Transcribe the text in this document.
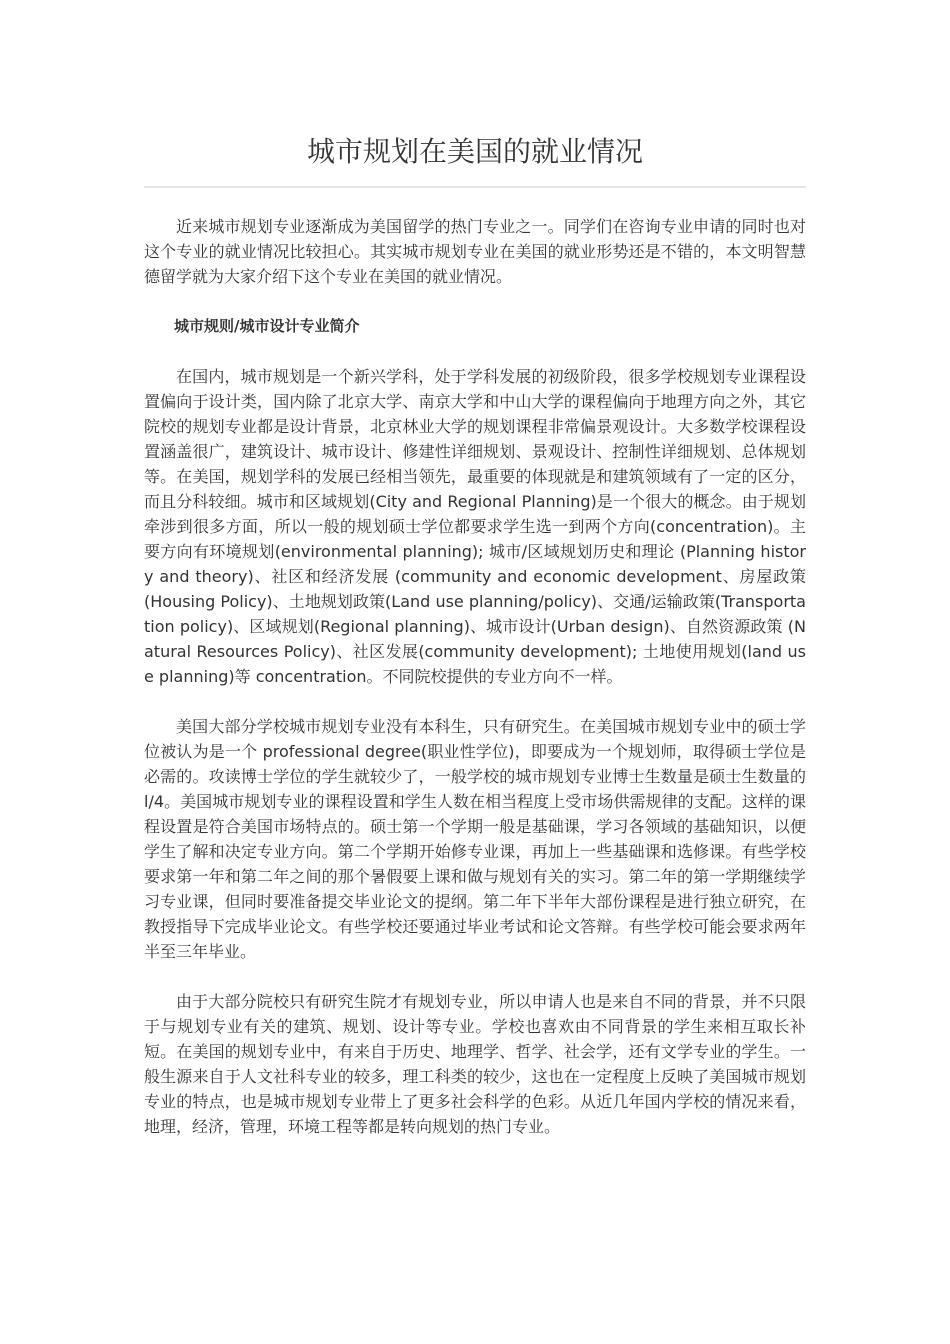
城市规划在美国的就业情况

近来城市规划专业逐渐成为美国留学的热门专业之一。同学们在咨询专业申请的同时也对这个专业的就业情况比较担心。其实城市规划专业在美国的就业形势还是不错的，本文明智慧德留学就为大家介绍下这个专业在美国的就业情况。

城市规则/城市设计专业简介

在国内，城市规划是一个新兴学科，处于学科发展的初级阶段，很多学校规划专业课程设置偏向于设计类，国内除了北京大学、南京大学和中山大学的课程偏向于地理方向之外，其它院校的规划专业都是设计背景，北京林业大学的规划课程非常偏景观设计。大多数学校课程设置涵盖很广，建筑设计、城市设计、修建性详细规划、景观设计、控制性详细规划、总体规划等。在美国，规划学科的发展已经相当领先，最重要的体现就是和建筑领域有了一定的区分，而且分科较细。城市和区域规划(City and Regional Planning)是一个很大的概念。由于规划牵涉到很多方面，所以一般的规划硕士学位都要求学生选一到两个方向(concentration)。主要方向有环境规划(environmental planning); 城市/区域规划历史和理论 (Planning history and theory)、社区和经济发展 (community and economic development、房屋政策(Housing Policy)、土地规划政策(Land use planning/policy)、交通/运输政策(Transportation policy)、区域规划(Regional planning)、城市设计(Urban design)、自然资源政策 (Natural Resources Policy)、社区发展(community development); 土地使用规划(land use planning)等 concentration。不同院校提供的专业方向不一样。

美国大部分学校城市规划专业没有本科生，只有研究生。在美国城市规划专业中的硕士学位被认为是一个 professional degree(职业性学位)，即要成为一个规划师，取得硕士学位是必需的。攻读博士学位的学生就较少了，一般学校的城市规划专业博士生数量是硕士生数量的 l/4。美国城市规划专业的课程设置和学生人数在相当程度上受市场供需规律的支配。这样的课程设置是符合美国市场特点的。硕士第一个学期一般是基础课，学习各领域的基础知识，以便学生了解和决定专业方向。第二个学期开始修专业课，再加上一些基础课和选修课。有些学校要求第一年和第二年之间的那个暑假要上课和做与规划有关的实习。第二年的第一学期继续学习专业课，但同时要准备提交毕业论文的提纲。第二年下半年大部份课程是进行独立研究，在教授指导下完成毕业论文。有些学校还要通过毕业考试和论文答辩。有些学校可能会要求两年半至三年毕业。

由于大部分院校只有研究生院才有规划专业，所以申请人也是来自不同的背景，并不只限于与规划专业有关的建筑、规划、设计等专业。学校也喜欢由不同背景的学生来相互取长补短。在美国的规划专业中，有来自于历史、地理学、哲学、社会学，还有文学专业的学生。一般生源来自于人文社科专业的较多，理工科类的较少，这也在一定程度上反映了美国城市规划专业的特点，也是城市规划专业带上了更多社会科学的色彩。从近几年国内学校的情况来看，地理，经济，管理，环境工程等都是转向规划的热门专业。
